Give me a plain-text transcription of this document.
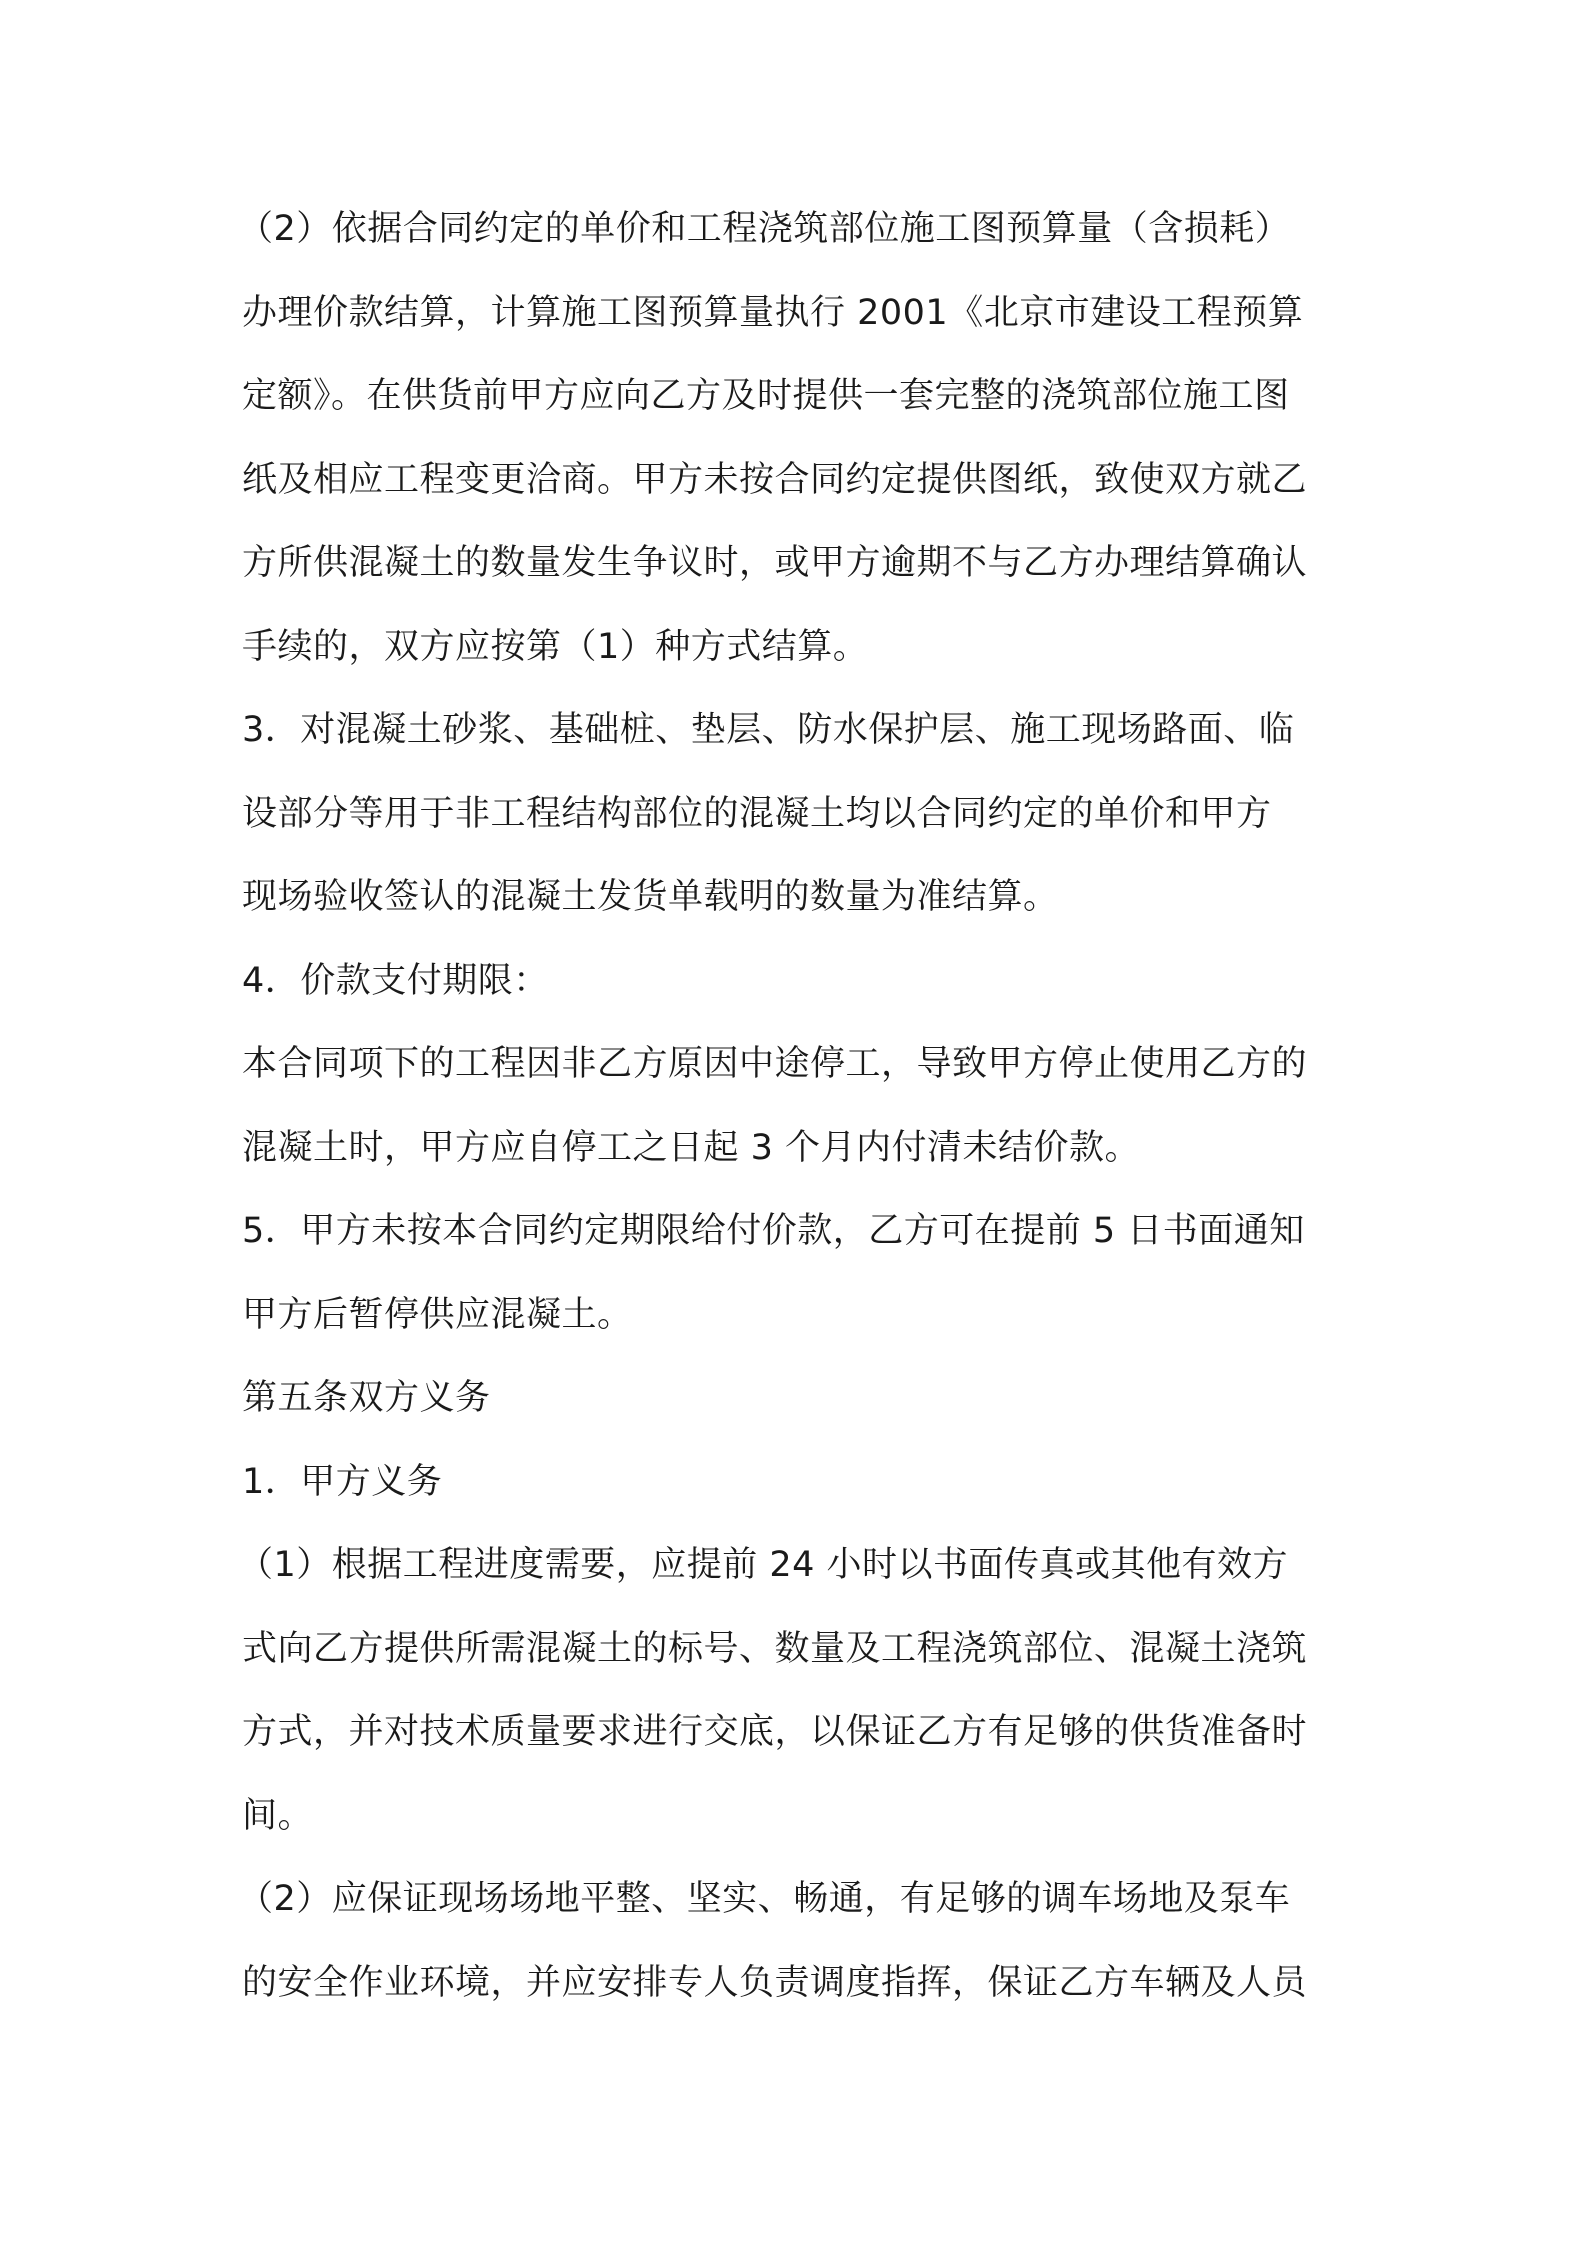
（2）依据合同约定的单价和工程浇筑部位施工图预算量（含损耗）
办理价款结算，计算施工图预算量执行 2001《北京市建设工程预算
定额》。在供货前甲方应向乙方及时提供一套完整的浇筑部位施工图
纸及相应工程变更洽商。甲方未按合同约定提供图纸，致使双方就乙
方所供混凝土的数量发生争议时，或甲方逾期不与乙方办理结算确认
手续的，双方应按第（1）种方式结算。
3．对混凝土砂浆、基础桩、垫层、防水保护层、施工现场路面、临
设部分等用于非工程结构部位的混凝土均以合同约定的单价和甲方
现场验收签认的混凝土发货单载明的数量为准结算。
4．价款支付期限：
本合同项下的工程因非乙方原因中途停工，导致甲方停止使用乙方的
混凝土时，甲方应自停工之日起 3 个月内付清未结价款。
5．甲方未按本合同约定期限给付价款，乙方可在提前 5 日书面通知
甲方后暂停供应混凝土。
第五条双方义务
1．甲方义务
（1）根据工程进度需要，应提前 24 小时以书面传真或其他有效方
式向乙方提供所需混凝土的标号、数量及工程浇筑部位、混凝土浇筑
方式，并对技术质量要求进行交底，以保证乙方有足够的供货准备时
间。
（2）应保证现场场地平整、坚实、畅通，有足够的调车场地及泵车
的安全作业环境，并应安排专人负责调度指挥，保证乙方车辆及人员
